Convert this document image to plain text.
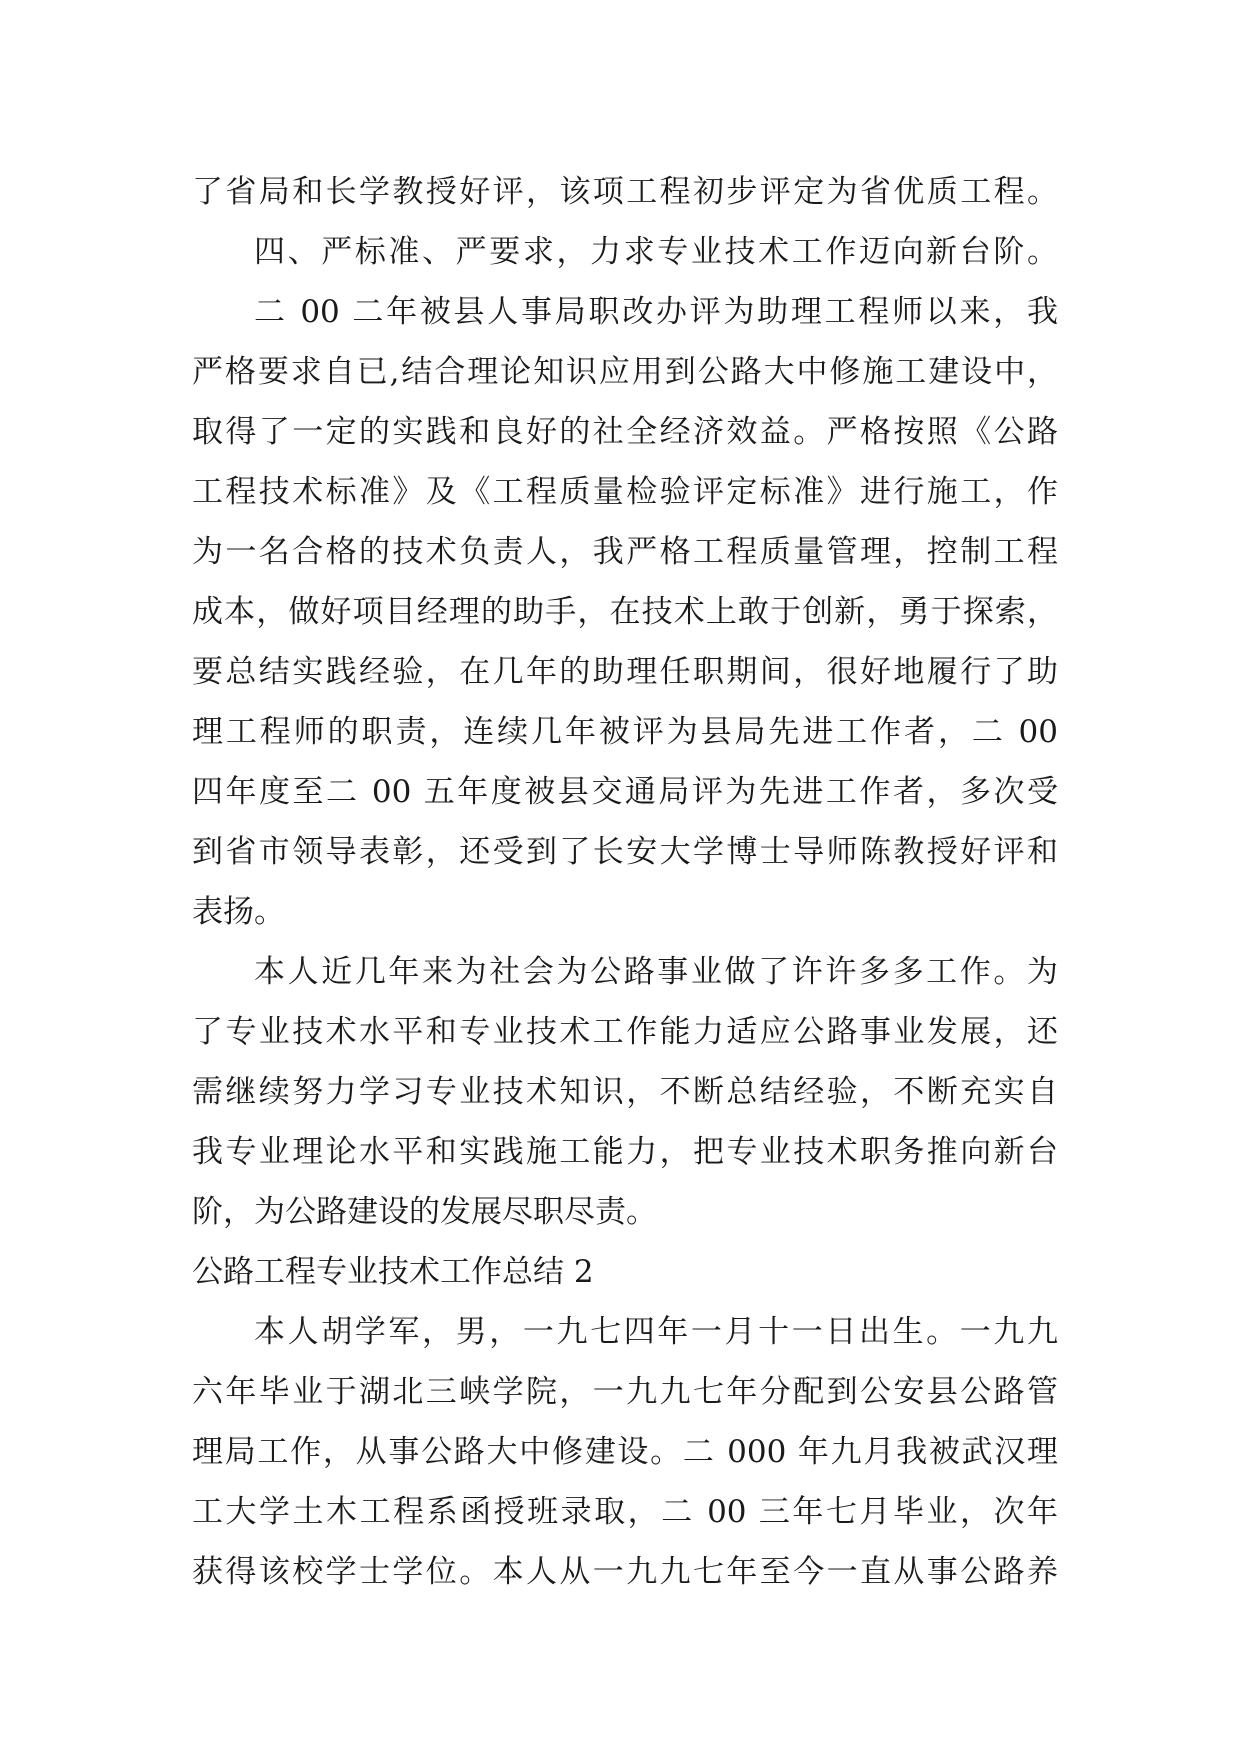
了省局和长学教授好评，该项工程初步评定为省优质工程。
四、严标准、严要求，力求专业技术工作迈向新台阶。
二 00 二年被县人事局职改办评为助理工程师以来，我
严格要求自已,结合理论知识应用到公路大中修施工建设中，
取得了一定的实践和良好的社全经济效益。严格按照《公路
工程技术标准》及《工程质量检验评定标准》进行施工，作
为一名合格的技术负责人，我严格工程质量管理，控制工程
成本，做好项目经理的助手，在技术上敢于创新，勇于探索，
要总结实践经验，在几年的助理任职期间，很好地履行了助
理工程师的职责，连续几年被评为县局先进工作者，二 00
四年度至二 00 五年度被县交通局评为先进工作者，多次受
到省市领导表彰，还受到了长安大学博士导师陈教授好评和
表扬。
本人近几年来为社会为公路事业做了许许多多工作。为
了专业技术水平和专业技术工作能力适应公路事业发展，还
需继续努力学习专业技术知识，不断总结经验，不断充实自
我专业理论水平和实践施工能力，把专业技术职务推向新台
阶，为公路建设的发展尽职尽责。
公路工程专业技术工作总结 2
本人胡学军，男，一九七四年一月十一日出生。一九九
六年毕业于湖北三峡学院，一九九七年分配到公安县公路管
理局工作，从事公路大中修建设。二 000 年九月我被武汉理
工大学土木工程系函授班录取，二 00 三年七月毕业，次年
获得该校学士学位。本人从一九九七年至今一直从事公路养
